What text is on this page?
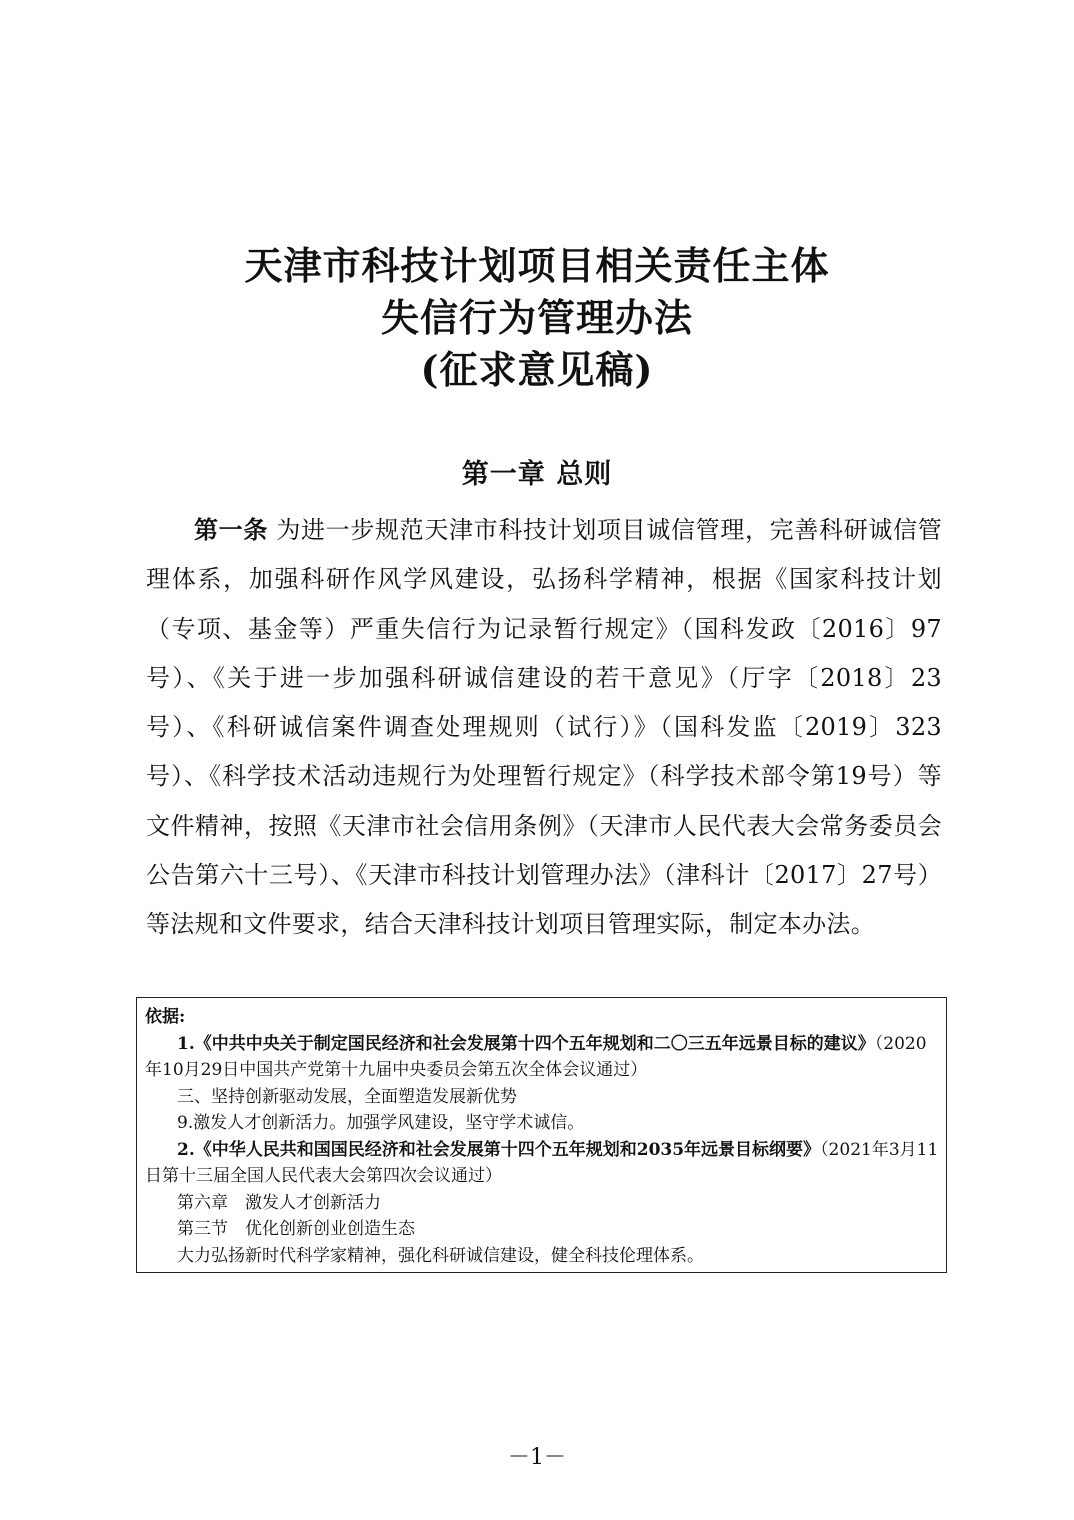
天津市科技计划项目相关责任主体
失信行为管理办法
(征求意见稿)
第一章 总则
第一条 为进一步规范天津市科技计划项目诚信管理，完善科研诚信管理体系，加强科研作风学风建设，弘扬科学精神，根据《国家科技计划（专项、基金等）严重失信行为记录暂行规定》（国科发政〔2016〕97号）、《关于进一步加强科研诚信建设的若干意见》（厅字〔2018〕23号）、《科研诚信案件调查处理规则（试行）》（国科发监〔2019〕323号）、《科学技术活动违规行为处理暂行规定》（科学技术部令第19号）等文件精神，按照《天津市社会信用条例》（天津市人民代表大会常务委员会公告第六十三号）、《天津市科技计划管理办法》（津科计〔2017〕27号）等法规和文件要求，结合天津科技计划项目管理实际，制定本办法。

依据:

1.《中共中央关于制定国民经济和社会发展第十四个五年规划和二〇三五年远景目标的建议》（2020年10月29日中国共产党第十九届中央委员会第五次全体会议通过）

三、坚持创新驱动发展，全面塑造发展新优势

9.激发人才创新活力。加强学风建设，坚守学术诚信。

2.《中华人民共和国国民经济和社会发展第十四个五年规划和2035年远景目标纲要》（2021年3月11日第十三届全国人民代表大会第四次会议通过）

第六章　激发人才创新活力

第三节　优化创新创业创造生态

大力弘扬新时代科学家精神，强化科研诚信建设，健全科技伦理体系。

－1－
